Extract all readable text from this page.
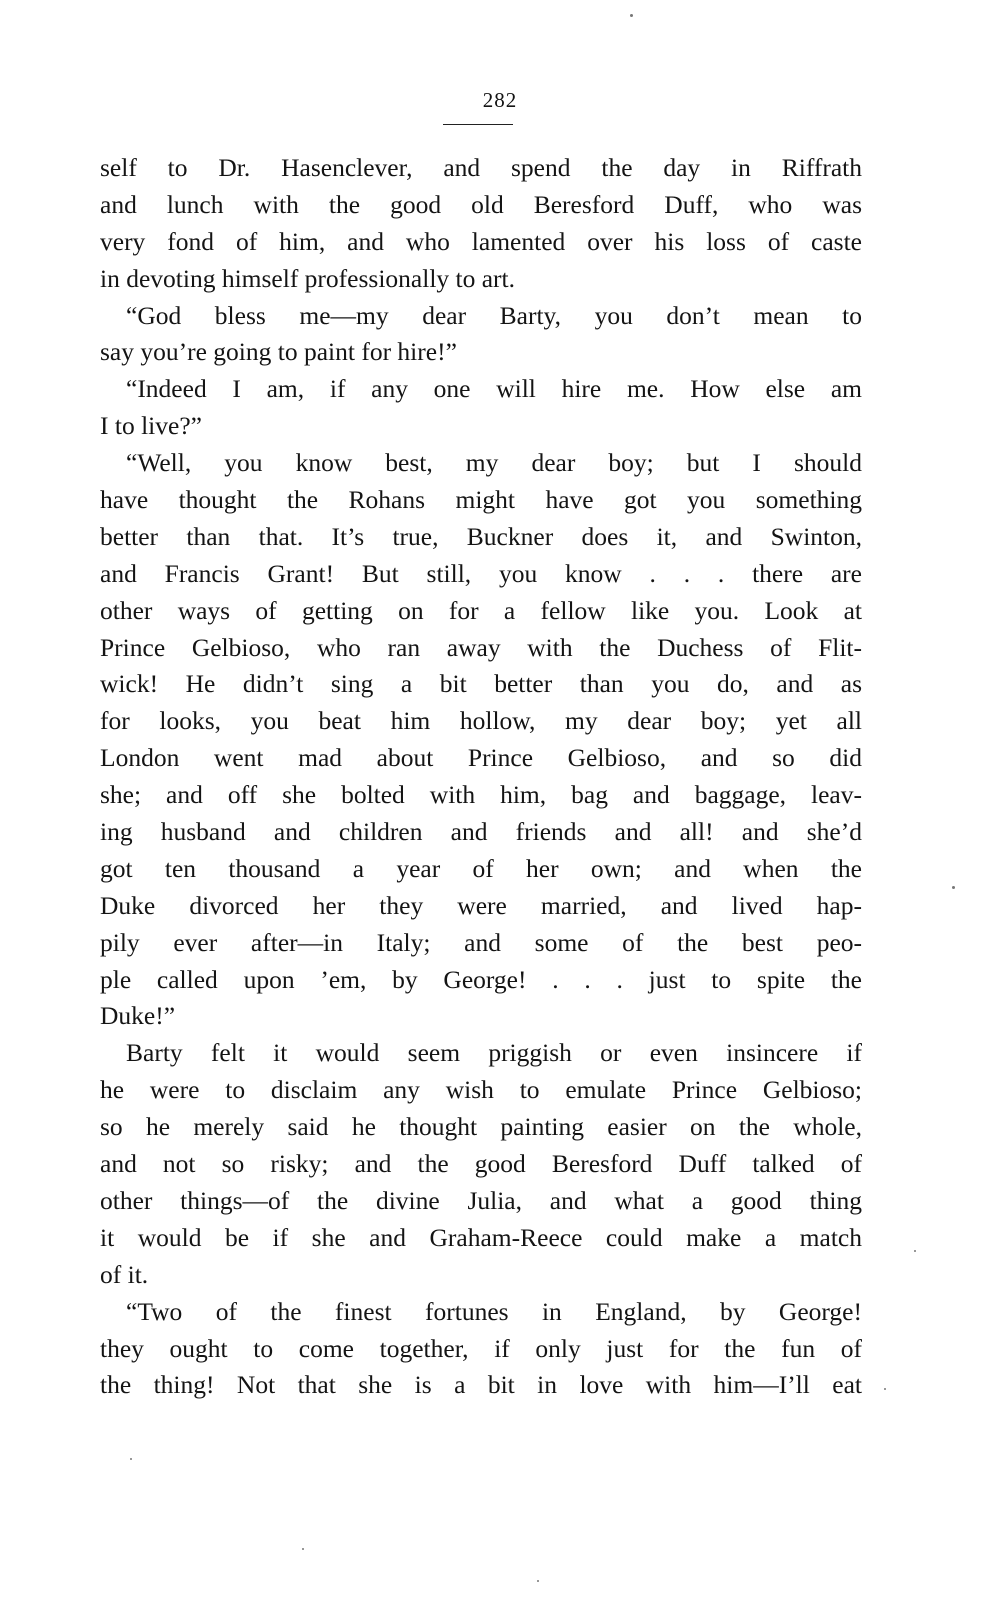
282
self to Dr. Hasenclever, and spend the day in Riffrath
and lunch with the good old Beresford Duff, who was
very fond of him, and who lamented over his loss of caste
in devoting himself professionally to art.
“God bless me—my dear Barty, you don’t mean to
say you’re going to paint for hire!”
“Indeed I am, if any one will hire me. How else am
I to live?”
“Well, you know best, my dear boy; but I should
have thought the Rohans might have got you something
better than that. It’s true, Buckner does it, and Swinton,
and Francis Grant! But still, you know . . . there are
other ways of getting on for a fellow like you. Look at
Prince Gelbioso, who ran away with the Duchess of Flit-
wick! He didn’t sing a bit better than you do, and as
for looks, you beat him hollow, my dear boy; yet all
London went mad about Prince Gelbioso, and so did
she; and off she bolted with him, bag and baggage, leav-
ing husband and children and friends and all! and she’d
got ten thousand a year of her own; and when the
Duke divorced her they were married, and lived hap-
pily ever after—in Italy; and some of the best peo-
ple called upon ’em, by George! . . . just to spite the
Duke!”
Barty felt it would seem priggish or even insincere if
he were to disclaim any wish to emulate Prince Gelbioso;
so he merely said he thought painting easier on the whole,
and not so risky; and the good Beresford Duff talked of
other things—of the divine Julia, and what a good thing
it would be if she and Graham-Reece could make a match
of it.
“Two of the finest fortunes in England, by George!
they ought to come together, if only just for the fun of
the thing! Not that she is a bit in love with him—I’ll eat
